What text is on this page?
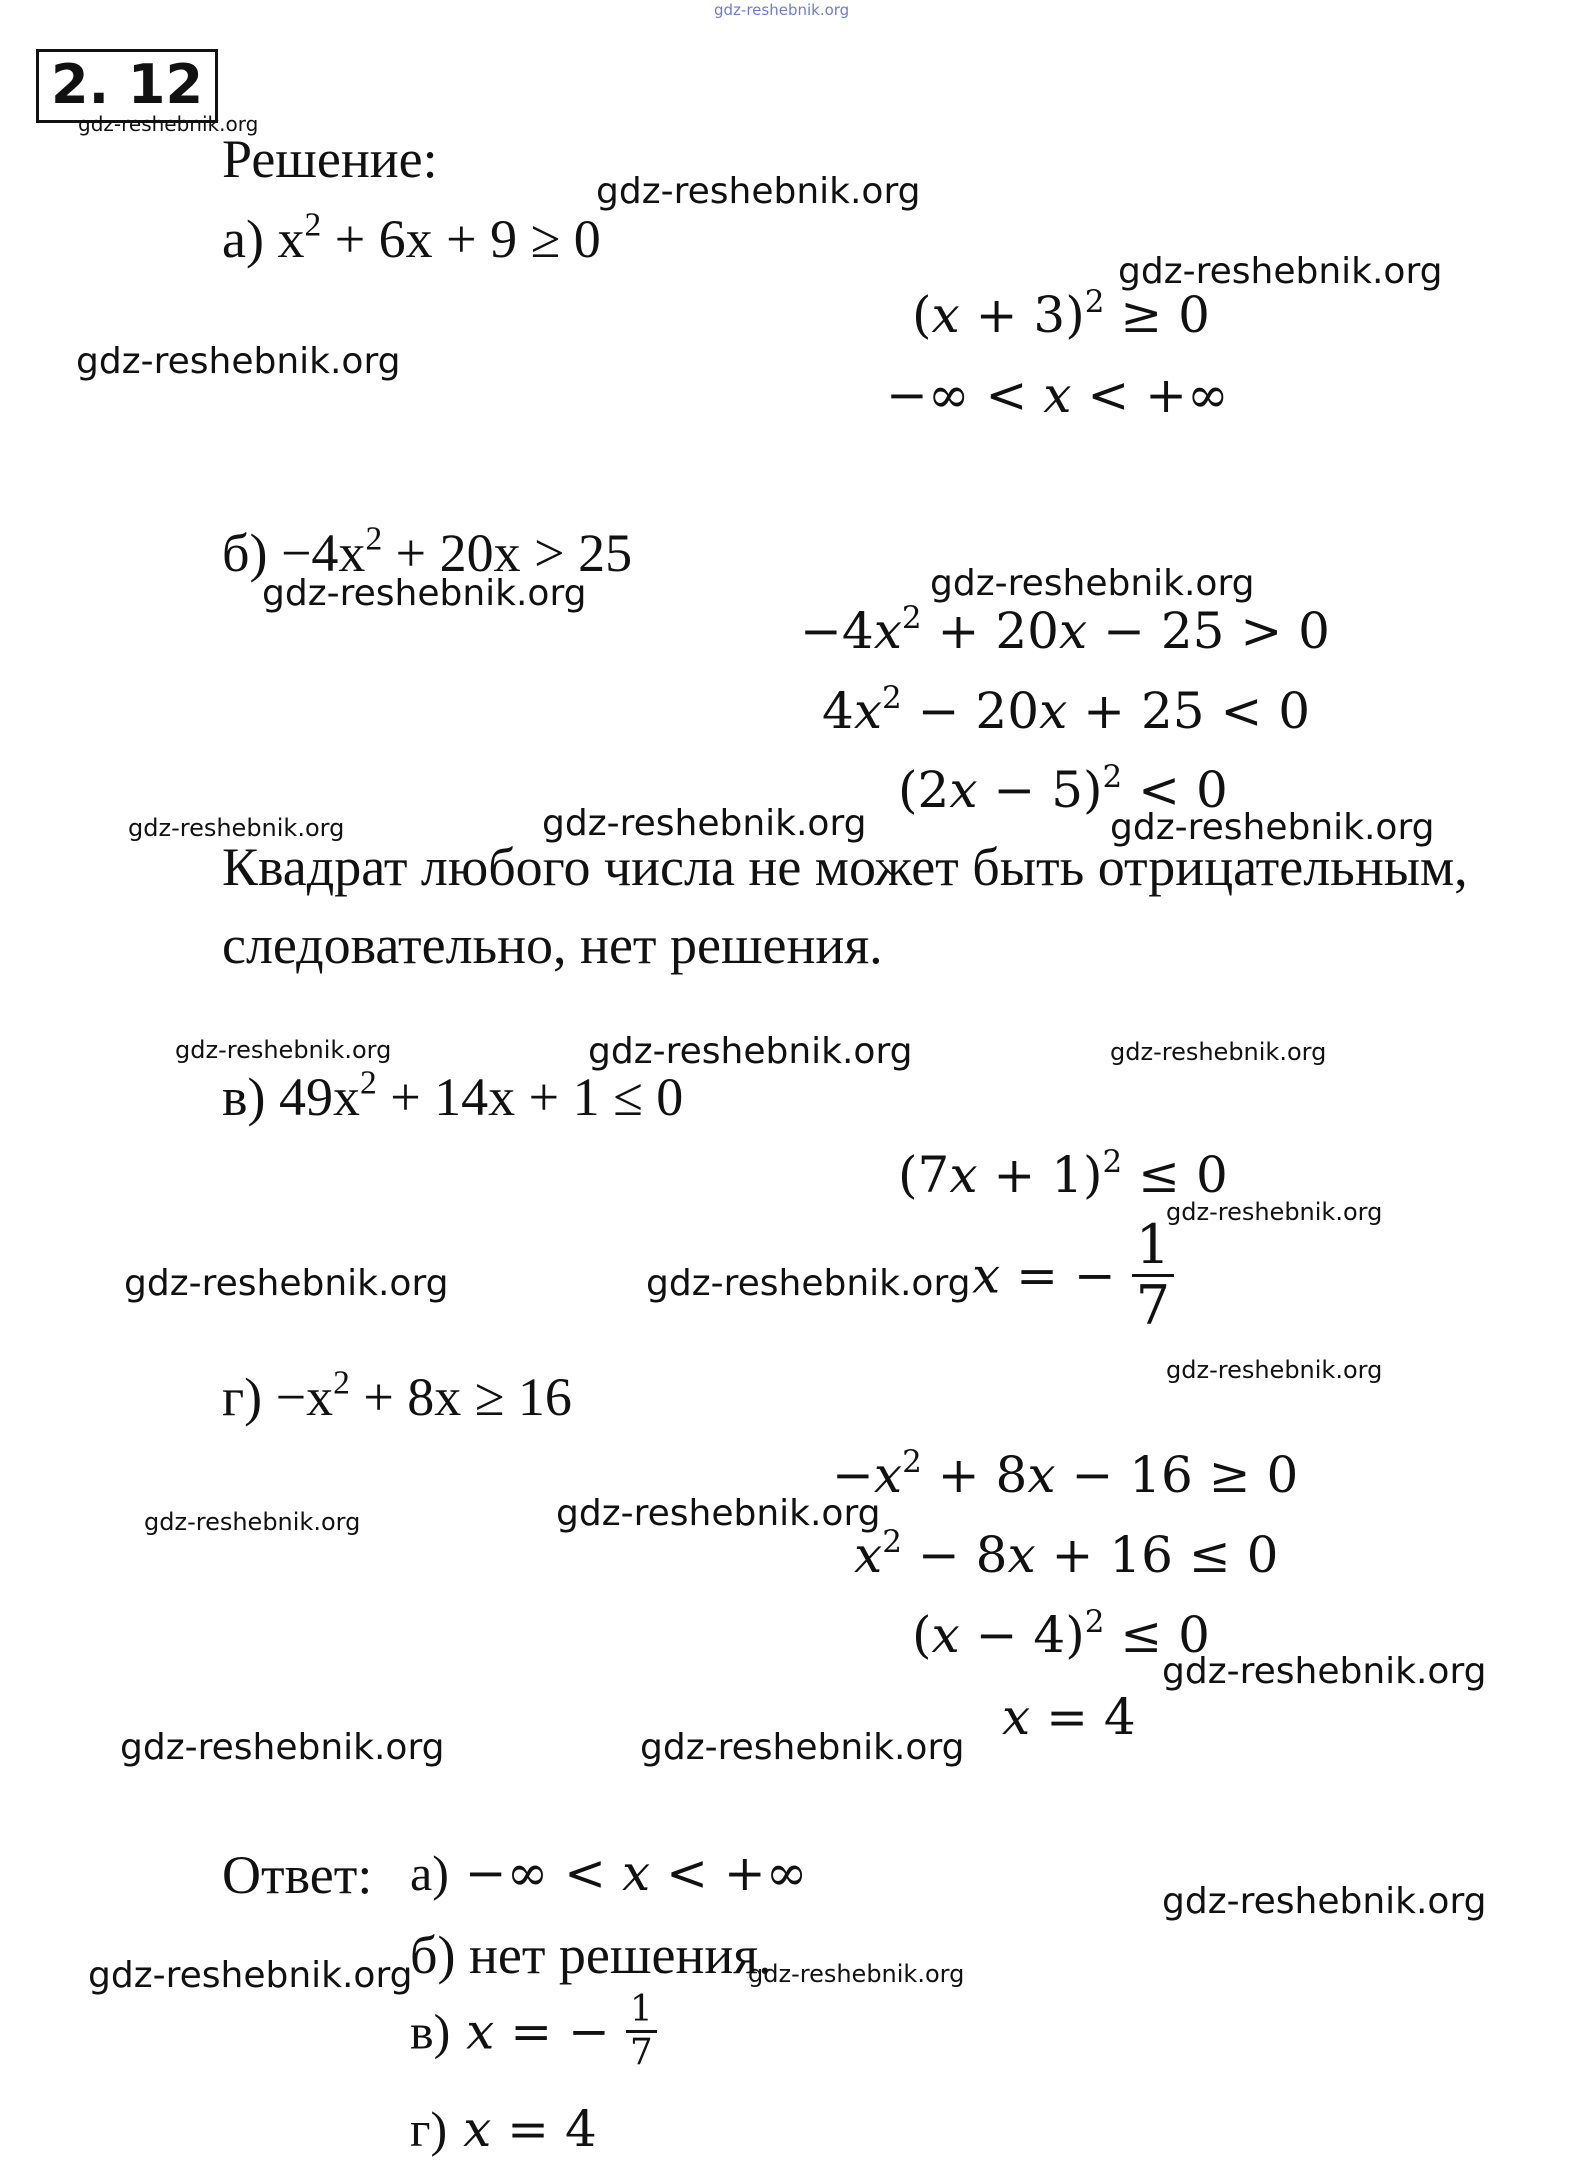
gdz-reshebnik.org
2. 12
gdz-reshebnik.org
Решение:
а) $x^2 + 6x + 9 \ge 0$
$(x + 3)^2 \ge 0$
−∞ < x < +∞
gdz-reshebnik.org
gdz-reshebnik.org
gdz-reshebnik.org
$б) -4x^2 + 20x > 25$
gdz-reshebnik.org	gdz-reshebnik.org
$-4x^2 + 20x - 25 > 0$
$4x^2 - 20x + 25 < 0$
$(2x - 5)^2 < 0$
gdz-reshebnik.org	gdz-reshebnik.org	gdz-reshebnik.org
Квадрат любого числа не может быть отрицательным,
следовательно, нет решения.
gdz-reshebnik.org	gdz-reshebnik.org	gdz-reshebnik.org
в) $49x^2 + 14x + 1 \le 0$
$(7x + 1)^2 \le 0$
gdz-reshebnik.org
gdz-reshebnik.org	gdz-reshebnik.org x = − $\frac{1}{7}$
gdz-reshebnik.org
$г) -x^2 + 8x \ge 16$
$-x^2 + 8x - 16 \ge 0$
gdz-reshebnik.org	gdz-reshebnik.org
$x^2 - 8x + 16 \le 0$
$(x - 4)^2 \le 0$
gdz-reshebnik.org
x = 4
gdz-reshebnik.org	gdz-reshebnik.org
Ответ: а) −∞ < x < +∞	gdz-reshebnik.org
б) нет решения.
gdz-reshebnik.org	gdz-reshebnik.org
в) x = − $\frac{1}{7}$
г) x = 4
